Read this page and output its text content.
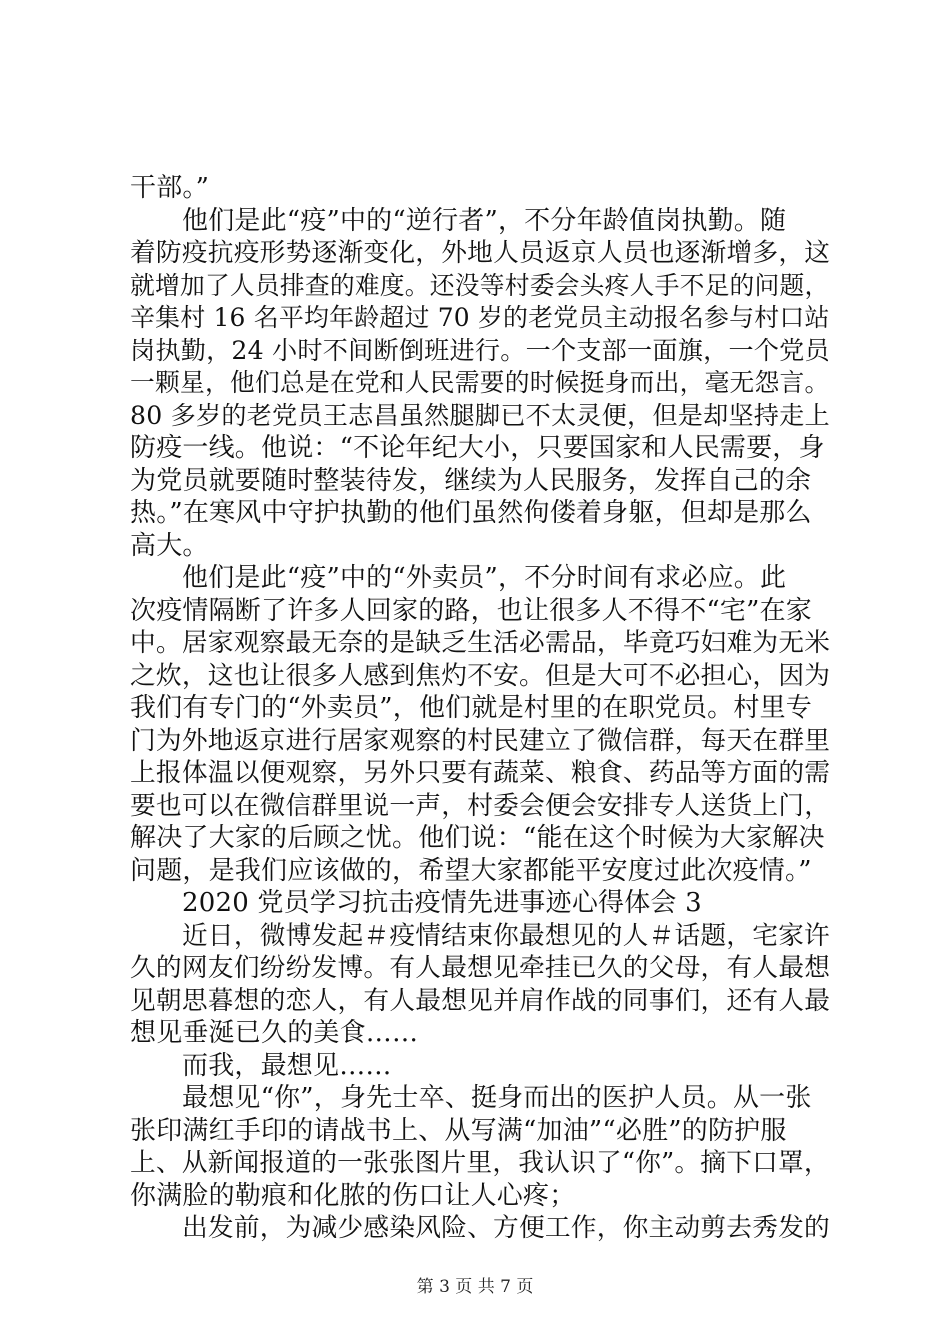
干部。”
他们是此“疫”中的“逆行者”，不分年龄值岗执勤。随
着防疫抗疫形势逐渐变化，外地人员返京人员也逐渐增多，这
就增加了人员排查的难度。还没等村委会头疼人手不足的问题，
辛集村 16 名平均年龄超过 70 岁的老党员主动报名参与村口站
岗执勤，24 小时不间断倒班进行。一个支部一面旗，一个党员
一颗星，他们总是在党和人民需要的时候挺身而出，毫无怨言。
80 多岁的老党员王志昌虽然腿脚已不太灵便，但是却坚持走上
防疫一线。他说：“不论年纪大小，只要国家和人民需要，身
为党员就要随时整装待发，继续为人民服务，发挥自己的余
热。”在寒风中守护执勤的他们虽然佝偻着身躯，但却是那么
高大。
他们是此“疫”中的“外卖员”，不分时间有求必应。此
次疫情隔断了许多人回家的路，也让很多人不得不“宅”在家
中。居家观察最无奈的是缺乏生活必需品，毕竟巧妇难为无米
之炊，这也让很多人感到焦灼不安。但是大可不必担心，因为
我们有专门的“外卖员”，他们就是村里的在职党员。村里专
门为外地返京进行居家观察的村民建立了微信群，每天在群里
上报体温以便观察，另外只要有蔬菜、粮食、药品等方面的需
要也可以在微信群里说一声，村委会便会安排专人送货上门，
解决了大家的后顾之忧。他们说：“能在这个时候为大家解决
问题，是我们应该做的，希望大家都能平安度过此次疫情。”
2020 党员学习抗击疫情先进事迹心得体会 3
近日，微博发起＃疫情结束你最想见的人＃话题，宅家许
久的网友们纷纷发博。有人最想见牵挂已久的父母，有人最想
见朝思暮想的恋人，有人最想见并肩作战的同事们，还有人最
想见垂涎已久的美食……
而我，最想见……
最想见“你”，身先士卒、挺身而出的医护人员。从一张
张印满红手印的请战书上、从写满“加油”“必胜”的防护服
上、从新闻报道的一张张图片里，我认识了“你”。摘下口罩，
你满脸的勒痕和化脓的伤口让人心疼；
出发前，为减少感染风险、方便工作，你主动剪去秀发的
第 3 页 共 7 页
